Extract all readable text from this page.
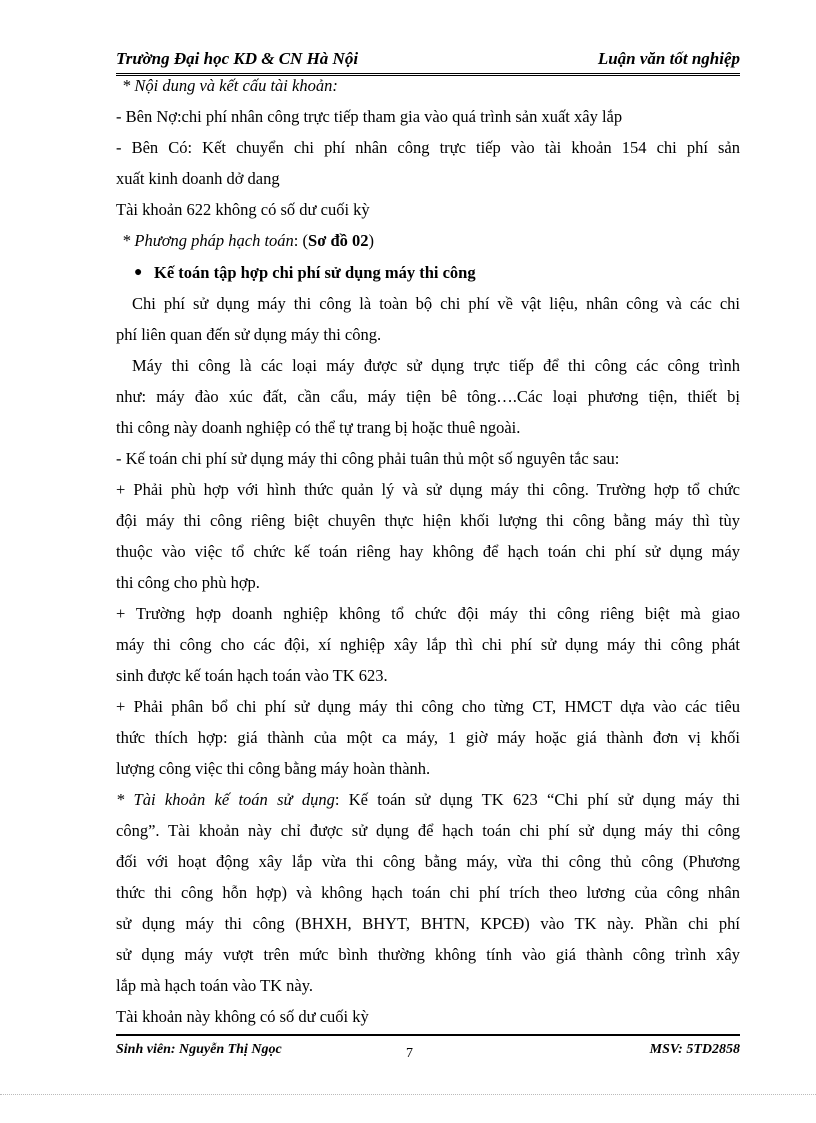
Trường Đại học KD & CN Hà Nội	Luận văn tốt nghiệp
* Nội dung và kết cấu tài khoản:
- Bên Nợ:chi phí nhân công trực tiếp tham gia vào quá trình sản xuất xây lắp
- Bên Có: Kết chuyển chi phí nhân công trực tiếp vào tài khoản 154 chi phí sản
xuất kinh doanh dở dang
Tài khoản 622 không có số dư cuối kỳ
* Phương pháp hạch toán: (Sơ đồ 02)
● Kế toán tập hợp chi phí sử dụng máy thi công
Chi phí sử dụng máy thi công là toàn bộ chi phí về vật liệu, nhân công và các chi
phí liên quan đến sử dụng máy thi công.
Máy thi công là các loại máy được sử dụng trực tiếp để thi công các công trình
như: máy đào xúc đất, cần cẩu, máy tiện bê tông….Các loại phương tiện, thiết bị
thi công này doanh nghiệp có thể tự trang bị hoặc thuê ngoài.
- Kế toán chi phí sử dụng máy thi công phải tuân thủ một số nguyên tắc sau:
+ Phải phù hợp với hình thức quản lý và sử dụng máy thi công. Trường hợp tổ chức
đội máy thi công riêng biệt chuyên thực hiện khối lượng thi công bằng máy thì tùy
thuộc vào việc tổ chức kế toán riêng hay không để hạch toán chi phí sử dụng máy
thi công cho phù hợp.
+ Trường hợp doanh nghiệp không tổ chức đội máy thi công riêng biệt mà giao
máy thi công cho các đội, xí nghiệp xây lắp thì chi phí sử dụng máy thi công phát
sinh được kế toán hạch toán vào TK 623.
+ Phải phân bổ chi phí sử dụng máy thi công cho từng CT, HMCT dựa vào các tiêu
thức thích hợp: giá thành của một ca máy, 1 giờ máy hoặc giá thành đơn vị khối
lượng công việc thi công bằng máy hoàn thành.
* Tài khoản kế toán sử dụng: Kế toán sử dụng TK 623 “Chi phí sử dụng máy thi
công”. Tài khoản này chỉ được sử dụng để hạch toán chi phí sử dụng máy thi công
đối với hoạt động xây lắp vừa thi công bằng máy, vừa thi công thủ công (Phương
thức thi công hỗn hợp) và không hạch toán chi phí trích theo lương của công nhân
sử dụng máy thi công (BHXH, BHYT, BHTN, KPCĐ) vào TK này. Phần chi phí
sử dụng máy vượt trên mức bình thường không tính vào giá thành công trình xây
lắp mà hạch toán vào TK này.
Tài khoản này không có số dư cuối kỳ
Sinh viên: Nguyễn Thị Ngọc	7	MSV: 5TD2858
